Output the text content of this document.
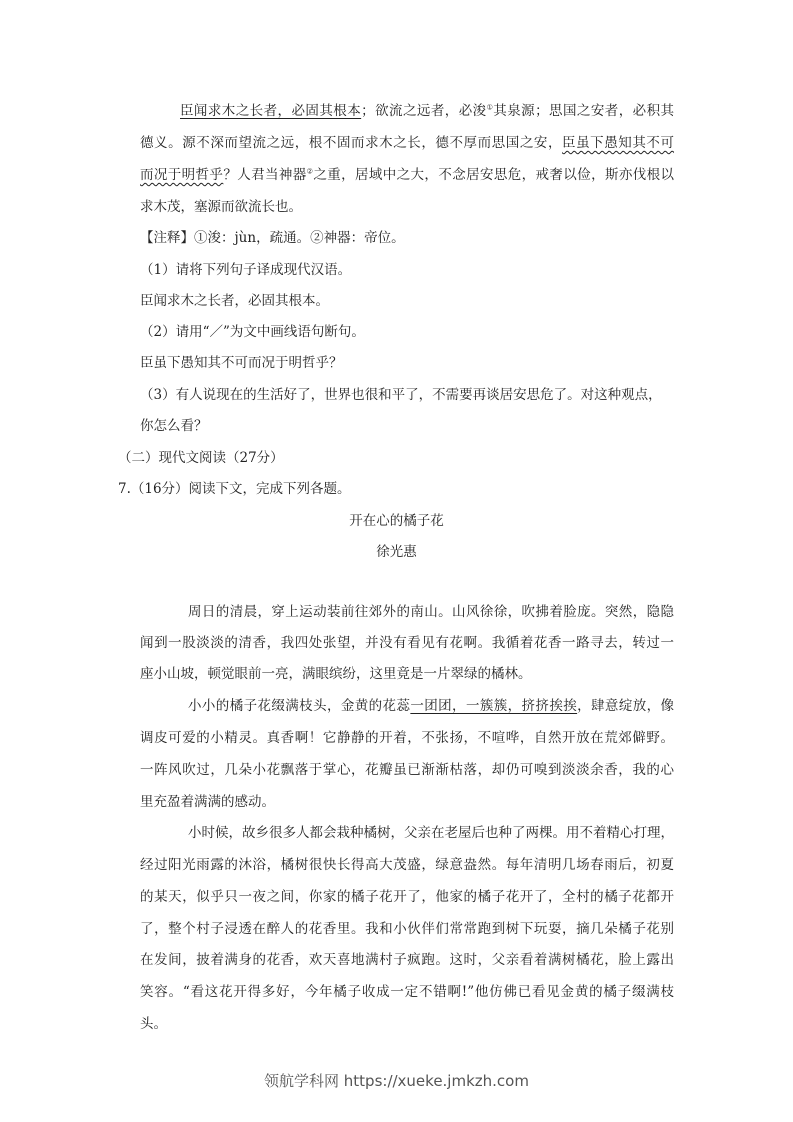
臣闻求木之长者，必固其根本；欲流之远者，必浚①其泉源；思国之安者，必积其
德义。源不深而望流之远，根不固而求木之长，德不厚而思国之安，臣虽下愚知其不可
而况于明哲乎？人君当神器②之重，居域中之大，不念居安思危，戒奢以俭，斯亦伐根以
求木茂，塞源而欲流长也。
【注释】①浚：jùn，疏通。②神器：帝位。
（1）请将下列句子译成现代汉语。
臣闻求木之长者，必固其根本。
（2）请用“／”为文中画线语句断句。
臣虽下愚知其不可而况于明哲乎？
（3）有人说现在的生活好了，世界也很和平了，不需要再谈居安思危了。对这种观点，
你怎么看？
（二）现代文阅读（27分）
7.（16分）阅读下文，完成下列各题。
开在心的橘子花
徐光惠
周日的清晨，穿上运动装前往郊外的南山。山风徐徐，吹拂着脸庞。突然，隐隐
闻到一股淡淡的清香，我四处张望，并没有看见有花啊。我循着花香一路寻去，转过一
座小山坡，顿觉眼前一亮，满眼缤纷，这里竟是一片翠绿的橘林。
小小的橘子花缀满枝头，金黄的花蕊一团团，一簇簇，挤挤挨挨，肆意绽放，像
调皮可爱的小精灵。真香啊！它静静的开着，不张扬，不喧哗，自然开放在荒郊僻野。
一阵风吹过，几朵小花飘落于掌心，花瓣虽已渐渐枯落，却仍可嗅到淡淡余香，我的心
里充盈着满满的感动。
小时候，故乡很多人都会栽种橘树，父亲在老屋后也种了两棵。用不着精心打理，
经过阳光雨露的沐浴，橘树很快长得高大茂盛，绿意盎然。每年清明几场春雨后，初夏
的某天，似乎只一夜之间，你家的橘子花开了，他家的橘子花开了，全村的橘子花都开
了，整个村子浸透在醉人的花香里。我和小伙伴们常常跑到树下玩耍，摘几朵橘子花别
在发间，披着满身的花香，欢天喜地满村子疯跑。这时，父亲看着满树橘花，脸上露出
笑容。“看这花开得多好，今年橘子收成一定不错啊!”他仿佛已看见金黄的橘子缀满枝
头。
领航学科网 https://xueke.jmkzh.com
